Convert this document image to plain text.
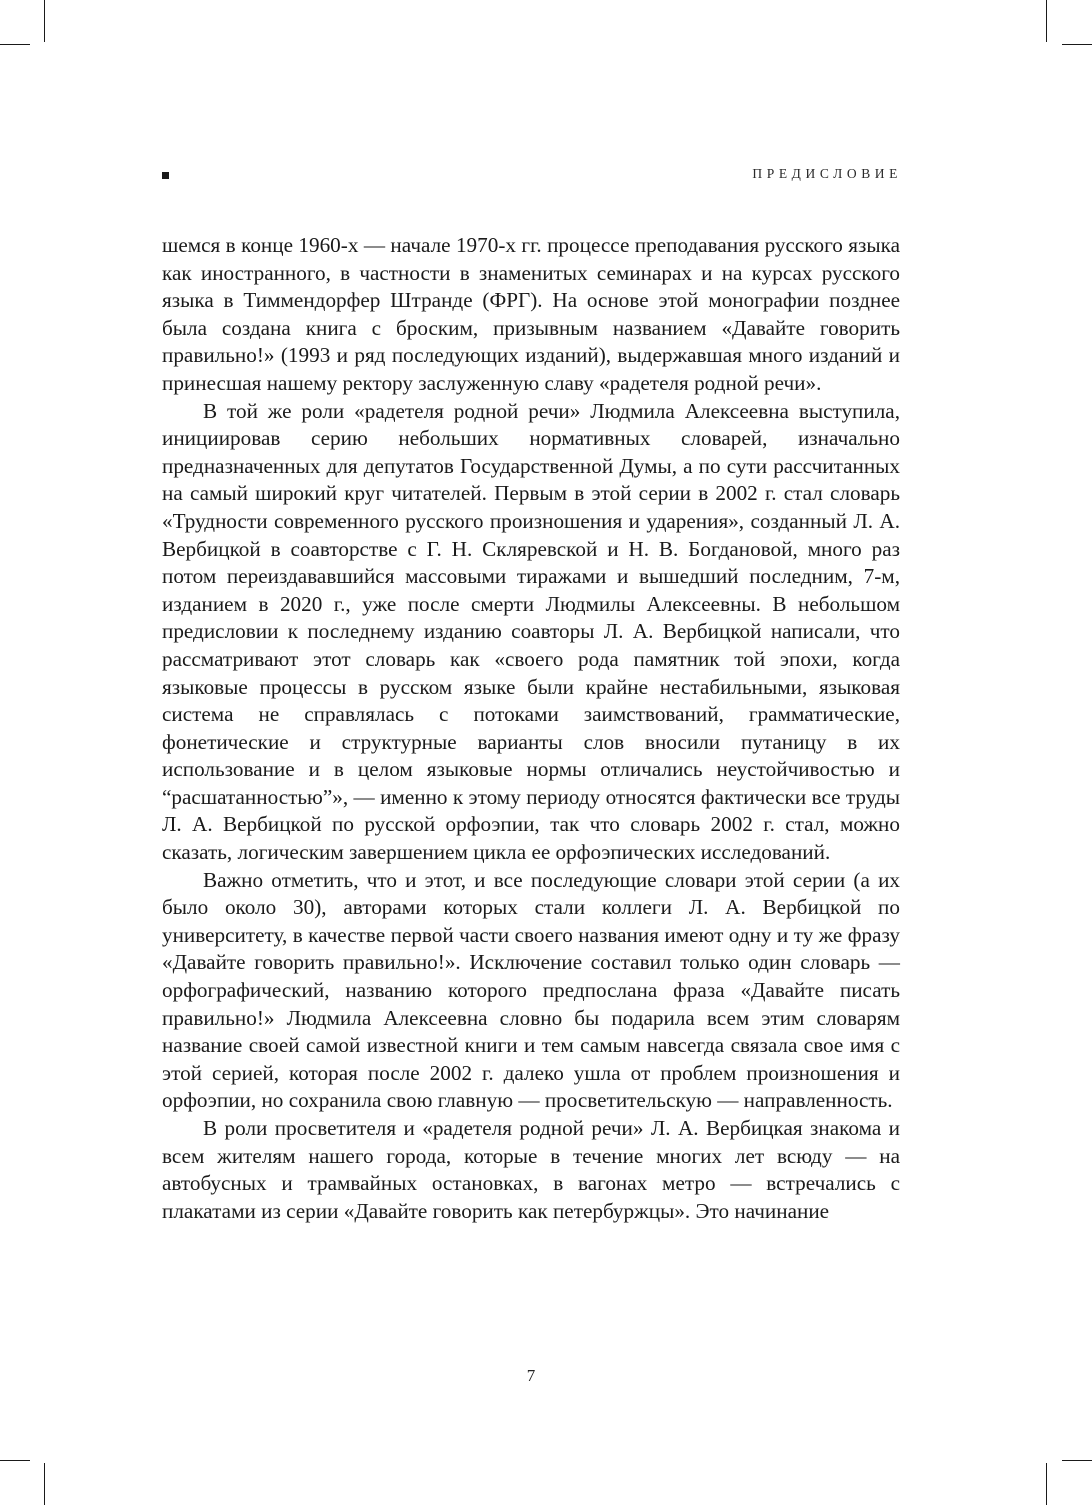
ПРЕДИСЛОВИЕ

шемся в конце 1960-х — начале 1970-х гг. процессе преподавания русского языка как иностранного, в частности в знаменитых семинарах и на курсах русского языка в Тиммендорфер Штранде (ФРГ). На основе этой монографии позднее была создана книга с броским, призывным названием «Давайте говорить правильно!» (1993 и ряд последующих изданий), выдержавшая много изданий и принесшая нашему ректору заслуженную славу «радетеля родной речи».

В той же роли «радетеля родной речи» Людмила Алексеевна выступила, инициировав серию небольших нормативных словарей, изначально предназначенных для депутатов Государственной Думы, а по сути рассчитанных на самый широкий круг читателей. Первым в этой серии в 2002 г. стал словарь «Трудности современного русского произношения и ударения», созданный Л. А. Вербицкой в соавторстве с Г. Н. Скляревской и Н. В. Богдановой, много раз потом переиздававшийся массовыми тиражами и вышедший последним, 7-м, изданием в 2020 г., уже после смерти Людмилы Алексеевны. В небольшом предисловии к последнему изданию соавторы Л. А. Вербицкой написали, что рассматривают этот словарь как «своего рода памятник той эпохи, когда языковые процессы в русском языке были крайне нестабильными, языковая система не справлялась с потоками заимствований, грамматические, фонетические и структурные варианты слов вносили путаницу в их использование и в целом языковые нормы отличались неустойчивостью и “расшатанностью”», — именно к этому периоду относятся фактически все труды Л. А. Вербицкой по русской орфоэпии, так что словарь 2002 г. стал, можно сказать, логическим завершением цикла ее орфоэпических исследований.

Важно отметить, что и этот, и все последующие словари этой серии (а их было около 30), авторами которых стали коллеги Л. А. Вербицкой по университету, в качестве первой части своего названия имеют одну и ту же фразу «Давайте говорить правильно!». Исключение составил только один словарь — орфографический, названию которого предпослана фраза «Давайте писать правильно!» Людмила Алексеевна словно бы подарила всем этим словарям название своей самой известной книги и тем самым навсегда связала свое имя с этой серией, которая после 2002 г. далеко ушла от проблем произношения и орфоэпии, но сохранила свою главную — просветительскую — направленность.

В роли просветителя и «радетеля родной речи» Л. А. Вербицкая знакома и всем жителям нашего города, которые в течение многих лет всюду — на автобусных и трамвайных остановках, в вагонах метро — встречались с плакатами из серии «Давайте говорить как петербуржцы». Это начинание

7
